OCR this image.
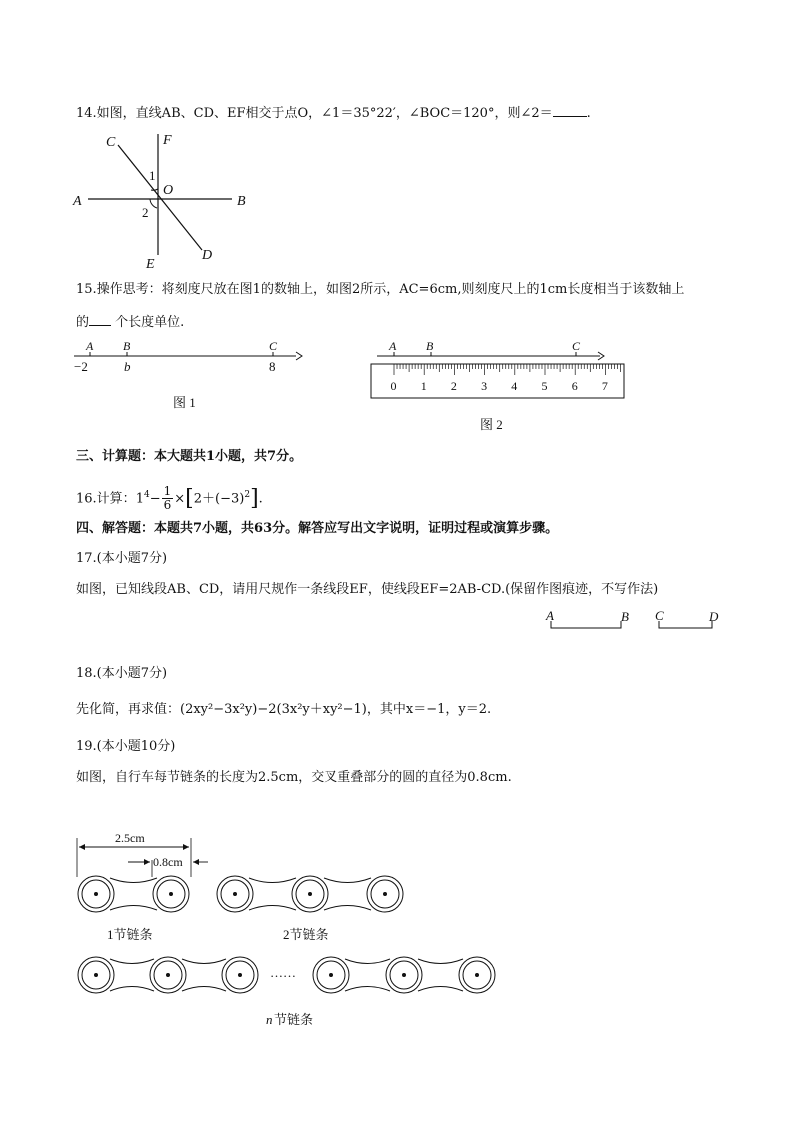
14.如图，直线AB、CD、EF相交于点O，∠1＝35°22′，∠BOC＝120°，则∠2＝	.
C	F
1
O
A	B
2
D
E
15.操作思考：将刻度尺放在图1的数轴上，如图2所示，AC=6cm,则刻度尺上的1cm长度相当于该数轴上
的 个长度单位.
A B	C
−2	b	8
图 1
A B	C
0 1 2 3 4 5 6 7
图 2
三、计算题：本大题共1小题，共7分。
16.计算：$1^4- \frac{1}{6} \times[2+(-3)^2]$.
四、解答题：本题共7小题，共63分。解答应写出文字说明，证明过程或演算步骤。
17.(本小题7分)
如图，已知线段AB、CD，请用尺规作一条线段EF，使线段EF=2AB-CD.(保留作图痕迹，不写作法)
A	B C	D
18.(本小题7分)
先化简，再求值：(2xy²−3x²y)−2(3x²y＋xy²−1)，其中x＝−1，y＝2.
19.(本小题10分)
如图，自行车每节链条的长度为2.5cm，交叉重叠部分的圆的直径为0.8cm.
2.5cm
0.8cm
1节链条	2节链条
……
n 节链条
